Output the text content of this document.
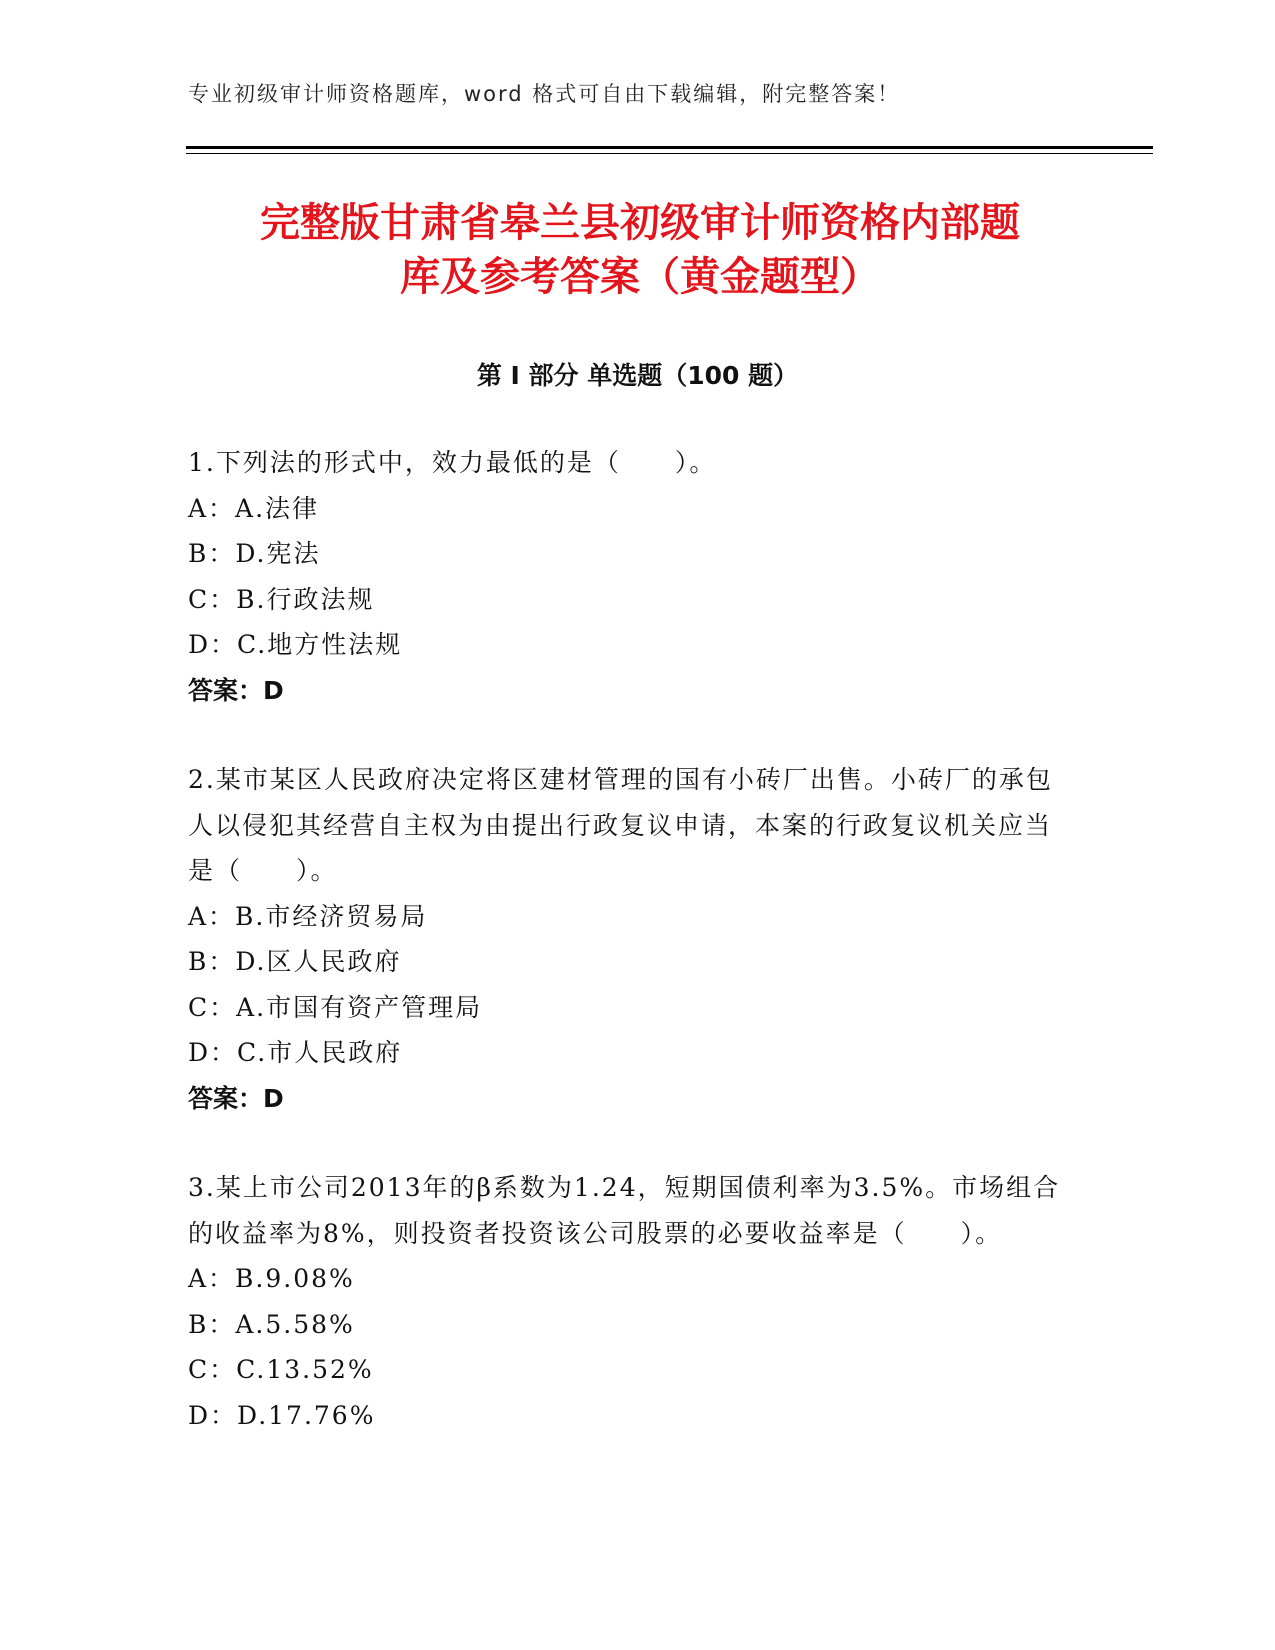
专业初级审计师资格题库，word 格式可自由下载编辑，附完整答案！
完整版甘肃省皋兰县初级审计师资格内部题
库及参考答案（黄金题型）
第 I 部分 单选题（100 题）

1.下列法的形式中，效力最低的是（　　）。

A：A.法律

B：D.宪法

C：B.行政法规

D：C.地方性法规

答案：D

2.某市某区人民政府决定将区建材管理的国有小砖厂出售。小砖厂的承包人以侵犯其经营自主权为由提出行政复议申请，本案的行政复议机关应当是（　　）。

A：B.市经济贸易局

B：D.区人民政府

C：A.市国有资产管理局

D：C.市人民政府

答案：D

3.某上市公司2013年的β系数为1.24，短期国债利率为3.5%。市场组合的收益率为8%，则投资者投资该公司股票的必要收益率是（　　）。

A：B.9.08%

B：A.5.58%

C：C.13.52%

D：D.17.76%
